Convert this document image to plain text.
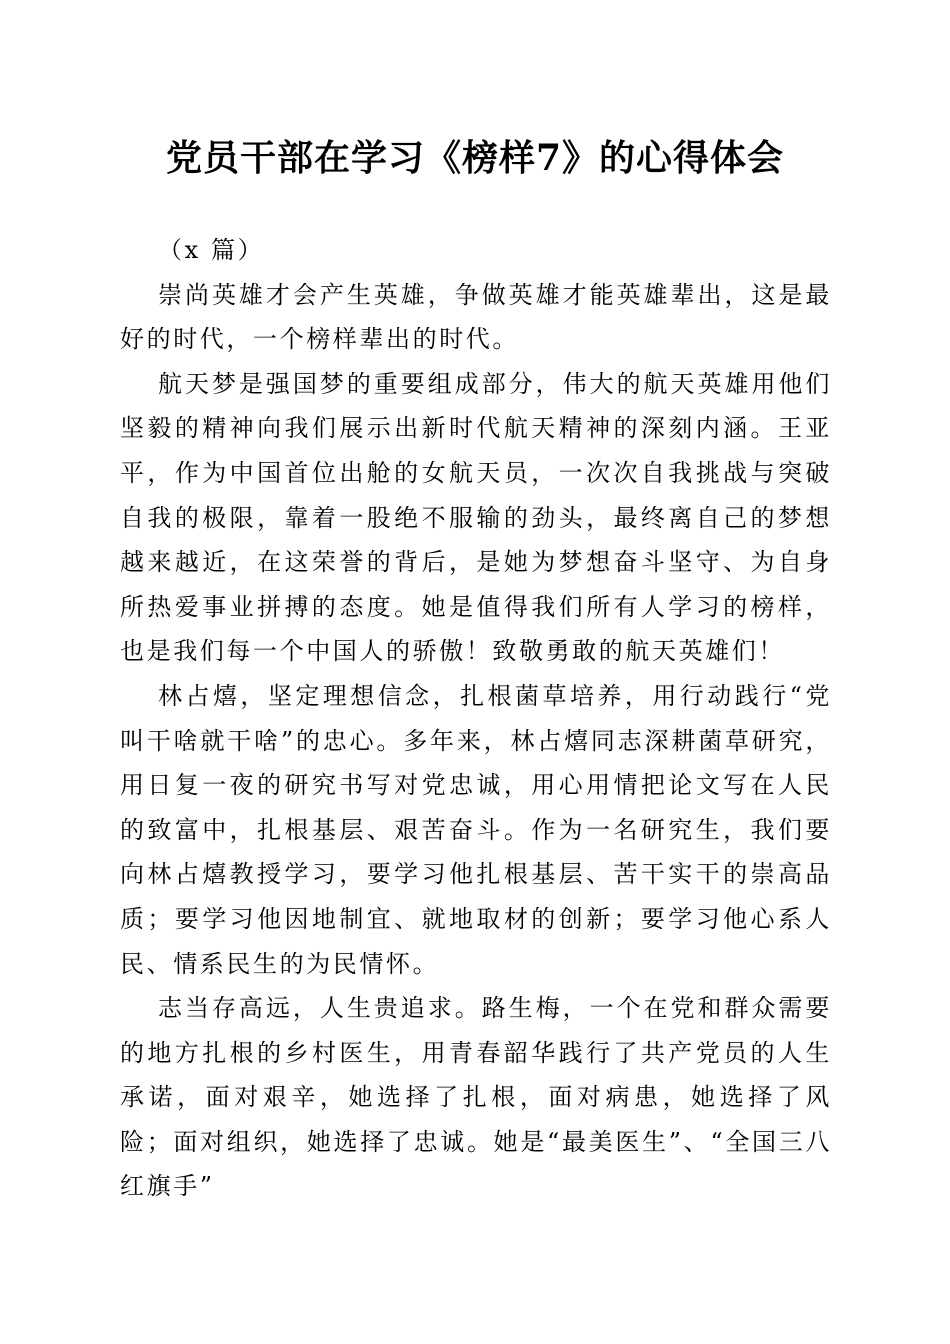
党员干部在学习《榜样7》的心得体会

（x 篇）

崇尚英雄才会产生英雄，争做英雄才能英雄辈出，这是最好的时代，一个榜样辈出的时代。

航天梦是强国梦的重要组成部分，伟大的航天英雄用他们坚毅的精神向我们展示出新时代航天精神的深刻内涵。王亚平，作为中国首位出舱的女航天员，一次次自我挑战与突破自我的极限，靠着一股绝不服输的劲头，最终离自己的梦想越来越近，在这荣誉的背后，是她为梦想奋斗坚守、为自身所热爱事业拼搏的态度。她是值得我们所有人学习的榜样，也是我们每一个中国人的骄傲！致敬勇敢的航天英雄们！

林占熺，坚定理想信念，扎根菌草培养，用行动践行“党叫干啥就干啥”的忠心。多年来，林占熺同志深耕菌草研究，用日复一夜的研究书写对党忠诚，用心用情把论文写在人民的致富中，扎根基层、艰苦奋斗。作为一名研究生，我们要向林占熺教授学习，要学习他扎根基层、苦干实干的崇高品质；要学习他因地制宜、就地取材的创新；要学习他心系人民、情系民生的为民情怀。

志当存高远，人生贵追求。路生梅，一个在党和群众需要的地方扎根的乡村医生，用青春韶华践行了共产党员的人生承诺，面对艰辛，她选择了扎根，面对病患，她选择了风险；面对组织，她选择了忠诚。她是“最美医生”、“全国三八红旗手”
